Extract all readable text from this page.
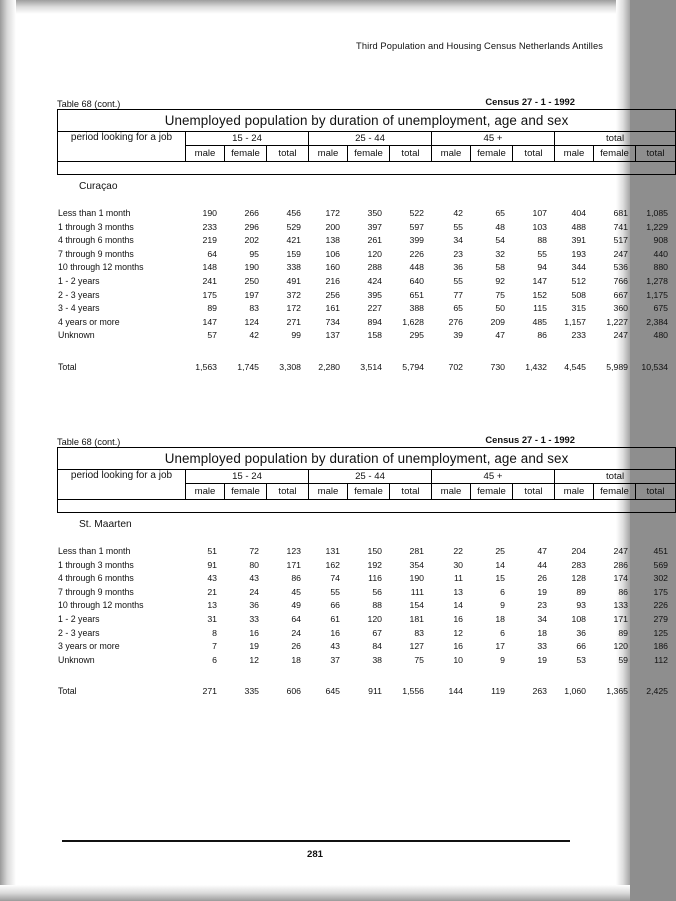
Third Population and Housing Census Netherlands Antilles
Table 68 (cont.)	Census 27 - 1 - 1992
Unemployed population by duration of unemployment, age and sex												
period looking for a job	15 - 24			25 - 44			45 +			total		
	male	female	total	male	female	total	male	female	total	male	female	total

Curaçao
Less than 1 month	190	266	456	172	350	522	42	65	107	404	681	1,085
1 through 3 months	233	296	529	200	397	597	55	48	103	488	741	1,229
4 through 6 months	219	202	421	138	261	399	34	54	88	391	517	908
7 through 9 months	64	95	159	106	120	226	23	32	55	193	247	440
10 through 12 months	148	190	338	160	288	448	36	58	94	344	536	880
1 - 2 years	241	250	491	216	424	640	55	92	147	512	766	1,278
2 - 3 years	175	197	372	256	395	651	77	75	152	508	667	1,175
3 - 4 years	89	83	172	161	227	388	65	50	115	315	360	675
4 years or more	147	124	271	734	894	1,628	276	209	485	1,157	1,227	2,384
Unknown	57	42	99	137	158	295	39	47	86	233	247	480

Total	1,563	1,745	3,308	2,280	3,514	5,794	702	730	1,432	4,545	5,989	10,534
Table 68 (cont.)	Census 27 - 1 - 1992
Unemployed population by duration of unemployment, age and sex												
period looking for a job	15 - 24			25 - 44			45 +			total		
	male	female	total	male	female	total	male	female	total	male	female	total

St. Maarten
Less than 1 month	51	72	123	131	150	281	22	25	47	204	247	451
1 through 3 months	91	80	171	162	192	354	30	14	44	283	286	569
4 through 6 months	43	43	86	74	116	190	11	15	26	128	174	302
7 through 9 months	21	24	45	55	56	111	13	6	19	89	86	175
10 through 12 months	13	36	49	66	88	154	14	9	23	93	133	226
1 - 2 years	31	33	64	61	120	181	16	18	34	108	171	279
2 - 3 years	8	16	24	16	67	83	12	6	18	36	89	125
3 years or more	7	19	26	43	84	127	16	17	33	66	120	186
Unknown	6	12	18	37	38	75	10	9	19	53	59	112

Total	271	335	606	645	911	1,556	144	119	263	1,060	1,365	2,425
281
